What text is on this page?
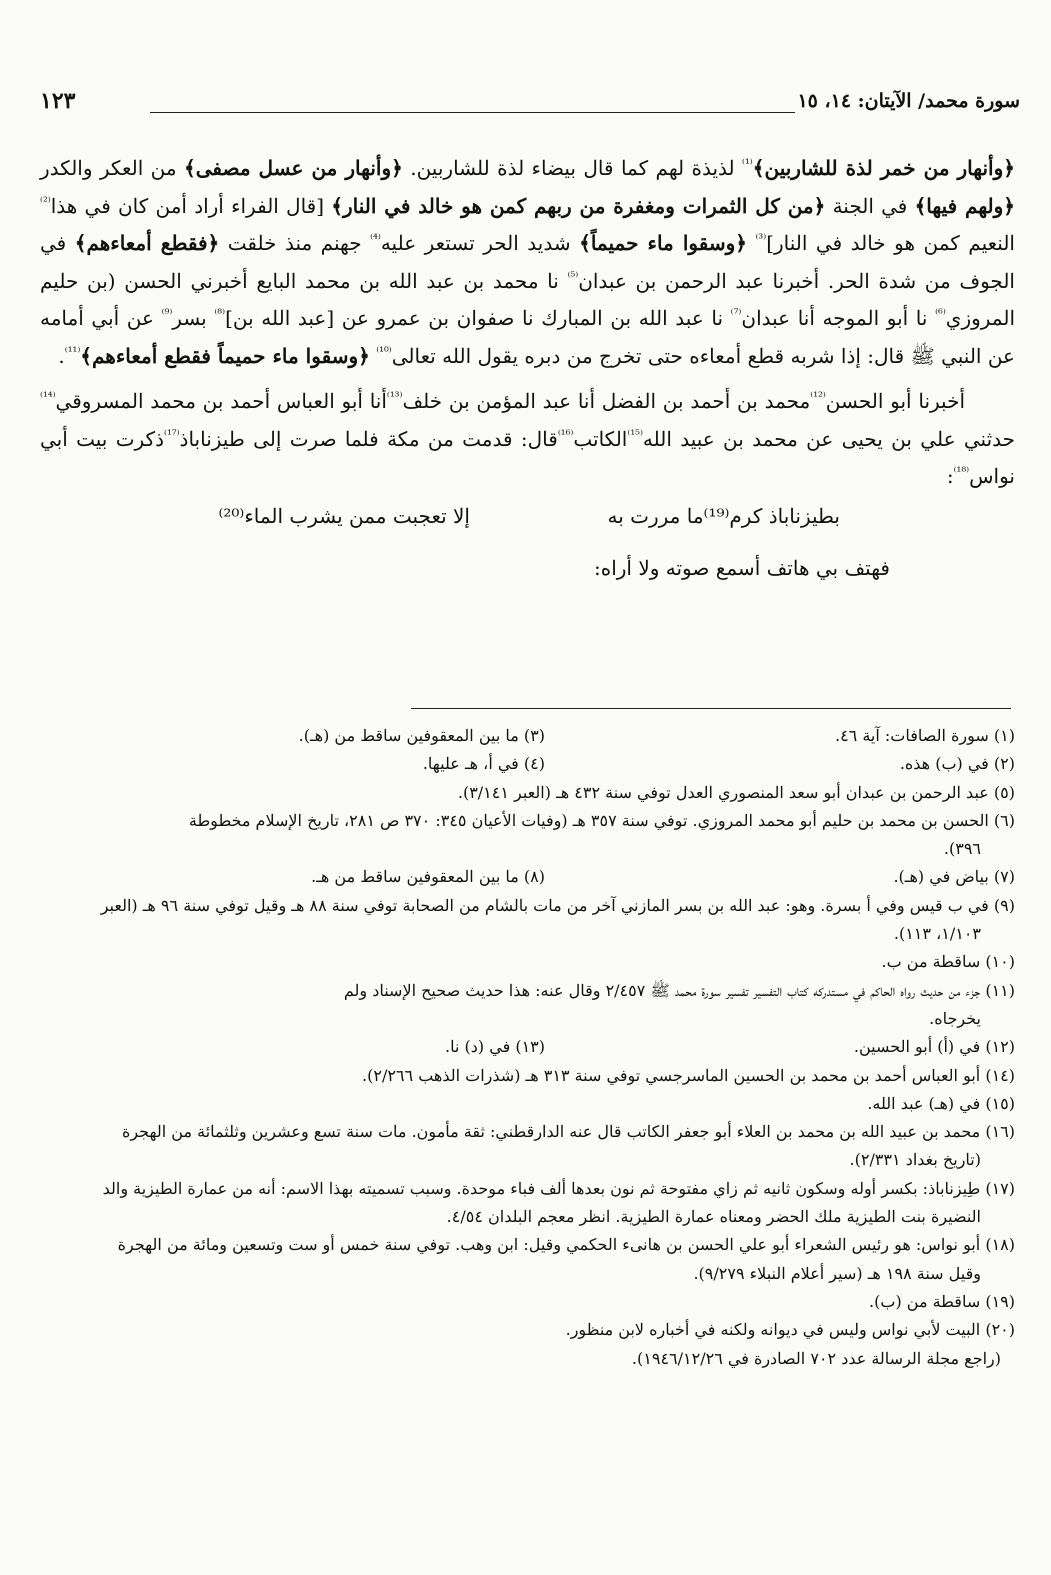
سورة محمد/ الآيتان: ١٤، ١٥
١٢٣

﴿وأنهار من خمر لذة للشاربين﴾$^{^{(1)}}$ لذيذة لهم كما قال بيضاء لذة للشاربين. ﴿وأنهار من عسل مصفى﴾ من العكر والكدر ﴿ولهم فيها﴾ في الجنة ﴿من كل الثمرات ومغفرة من ربهم كمن هو خالد في النار﴾ [قال الفراء أراد أمن كان في هذا$^{^{(2)}}$ النعيم كمن هو خالد في النار]$^{^{(3)}}$ ﴿وسقوا ماء حميماً﴾ شديد الحر تستعر عليه$^{^{(4)}}$ جهنم منذ خلقت ﴿فقطع أمعاءهم﴾ في الجوف من شدة الحر. أخبرنا عبد الرحمن بن عبدان$^{^{(5)}}$ نا محمد بن عبد الله بن محمد البايع أخبرني الحسن (بن حليم المروزي$^{^{(6)}}$ نا أبو الموجه أنا عبدان$^{^{(7)}}$ نا عبد الله بن المبارك نا صفوان بن عمرو عن [عبد الله بن]$^{^{(8)}}$ بسر$^{^{(9)}}$ عن أبي أمامه عن النبي ﷺ قال: إذا شربه قطع أمعاءه حتى تخرج من دبره يقول الله تعالى$^{^{(10)}}$ ﴿وسقوا ماء حميماً فقطع أمعاءهم﴾$^{^{(11)}}$.

أخبرنا أبو الحسن$^{^{(12)}}$محمد بن أحمد بن الفضل أنا عبد المؤمن بن خلف$^{^{(13)}}$أنا أبو العباس أحمد بن محمد المسروقي$^{^{(14)}}$حدثني علي بن يحيى عن محمد بن عبيد الله$^{^{(15)}}$الكاتب$^{^{(16)}}$قال: قدمت من مكة فلما صرت إلى طيزناباذ$^{^{(17)}}$ذكرت بيت أبي نواس$^{^{(18)}}$:

بطيزناباذ كرم⁽¹⁹⁾ما مررت به
إلا تعجبت ممن يشرب الماء⁽²⁰⁾
فهتف بي هاتف أسمع صوته ولا أراه:
(١) سورة الصافات: آية ٤٦.
(٣) ما بين المعقوفين ساقط من (هـ).
(٢) في (ب) هذه.
(٤) في أ، هـ عليها.

(٥) عبد الرحمن بن عبدان أبو سعد المنصوري العدل توفي سنة ٤٣٢ هـ (العبر ٣/١٤١).

(٦) الحسن بن محمد بن حليم أبو محمد المروزي. توفي سنة ٣٥٧ هـ (وفيات الأعيان ٣٤٥: ٣٧٠ ص ٢٨١، تاريخ الإسلام مخطوطة
٣٩٦).

(٧) بياض في (هـ).
(٨) ما بين المعقوفين ساقط من هـ.

(٩) في ب قيس وفي أ بسرة. وهو: عبد الله بن بسر المازني آخر من مات بالشام من الصحابة توفي سنة ٨٨ هـ وقيل توفي سنة ٩٦ هـ (العبر
١/١٠٣، ١١٣).

(١٠) ساقطة من ب.

(١١) جزء من حديث رواه الحاكم في مستدركه كتاب التفسير تفسير سورة محمد ﷺ ٢/٤٥٧ وقال عنه: هذا حديث صحيح الإسناد ولم
يخرجاه.

(١٢) في (أ) أبو الحسين.
(١٣) في (د) نا.

(١٤) أبو العباس أحمد بن محمد بن الحسين الماسرجسي توفي سنة ٣١٣ هـ (شذرات الذهب ٢/٢٦٦).

(١٥) في (هـ) عبد الله.

(١٦) محمد بن عبيد الله بن محمد بن العلاء أبو جعفر الكاتب قال عنه الدارقطني: ثقة مأمون. مات سنة تسع وعشرين وثلثمائة من الهجرة
(تاريخ بغداد ٢/٣٣١).

(١٧) طِيزناباذ: بكسر أوله وسكون ثانيه ثم زاي مفتوحة ثم نون بعدها ألف فباء موحدة. وسبب تسميته بهذا الاسم: أنه من عمارة الطيزية والد
النضيرة بنت الطيزية ملك الحضر ومعناه عمارة الطيزية. انظر معجم البلدان ٤/٥٤.

(١٨) أبو نواس: هو رئيس الشعراء أبو علي الحسن بن هانىء الحكمي وقيل: ابن وهب. توفي سنة خمس أو ست وتسعين ومائة من الهجرة
وقيل سنة ١٩٨ هـ (سير أعلام النبلاء ٩/٢٧٩).

(١٩) ساقطة من (ب).

(٢٠) البيت لأبي نواس وليس في ديوانه ولكنه في أخباره لابن منظور.

(راجع مجلة الرسالة عدد ٧٠٢ الصادرة في ١٩٤٦/١٢/٢٦).
